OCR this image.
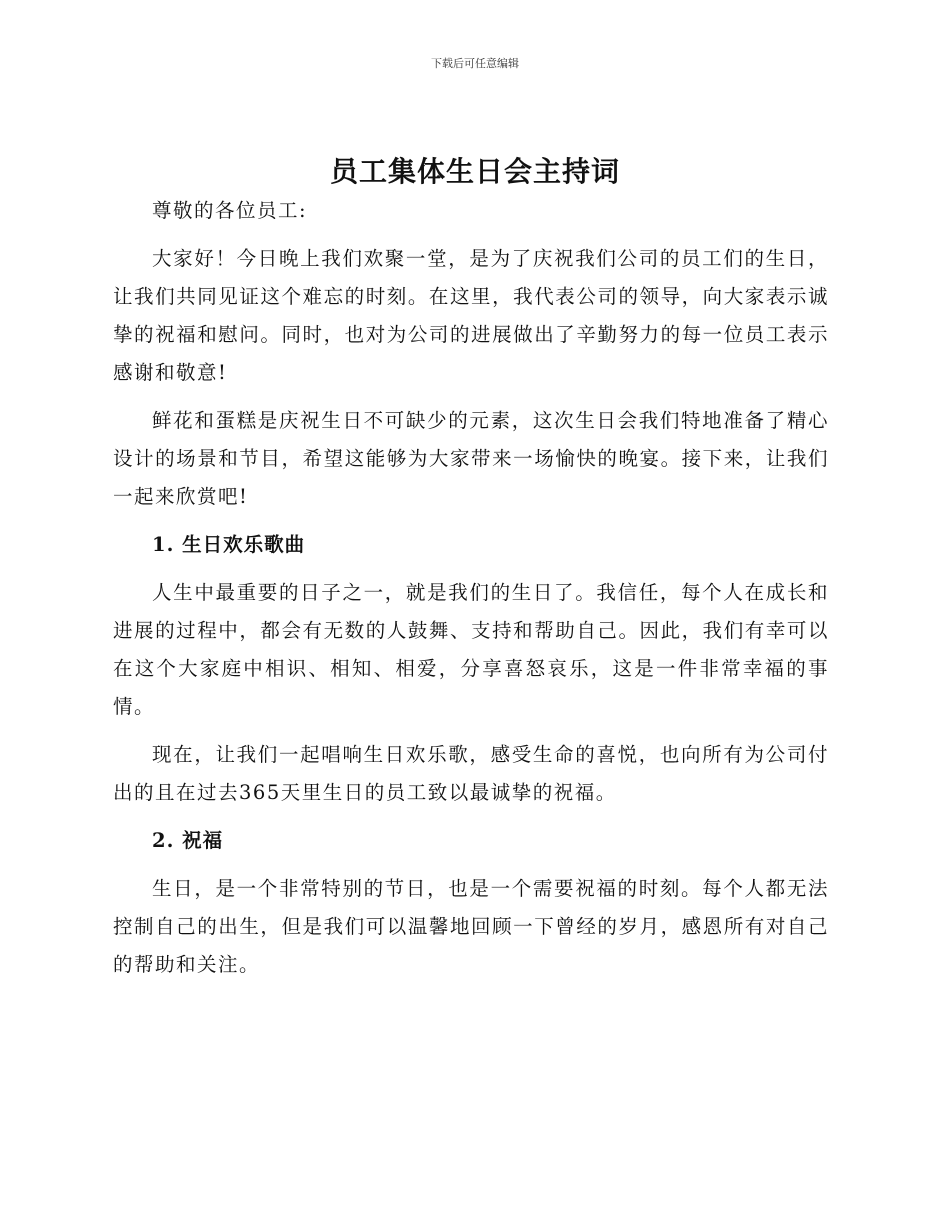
下载后可任意编辑
员工集体生日会主持词

尊敬的各位员工:

大家好！今日晚上我们欢聚一堂，是为了庆祝我们公司的员工们的生日，让我们共同见证这个难忘的时刻。在这里，我代表公司的领导，向大家表示诚挚的祝福和慰问。同时，也对为公司的进展做出了辛勤努力的每一位员工表示感谢和敬意!

鲜花和蛋糕是庆祝生日不可缺少的元素，这次生日会我们特地准备了精心设计的场景和节目，希望这能够为大家带来一场愉快的晚宴。接下来，让我们一起来欣赏吧!

1. 生日欢乐歌曲

人生中最重要的日子之一，就是我们的生日了。我信任，每个人在成长和进展的过程中，都会有无数的人鼓舞、支持和帮助自己。因此，我们有幸可以在这个大家庭中相识、相知、相爱，分享喜怒哀乐，这是一件非常幸福的事情。

现在，让我们一起唱响生日欢乐歌，感受生命的喜悦，也向所有为公司付出的且在过去365天里生日的员工致以最诚挚的祝福。

2. 祝福

生日，是一个非常特别的节日，也是一个需要祝福的时刻。每个人都无法控制自己的出生，但是我们可以温馨地回顾一下曾经的岁月，感恩所有对自己的帮助和关注。
